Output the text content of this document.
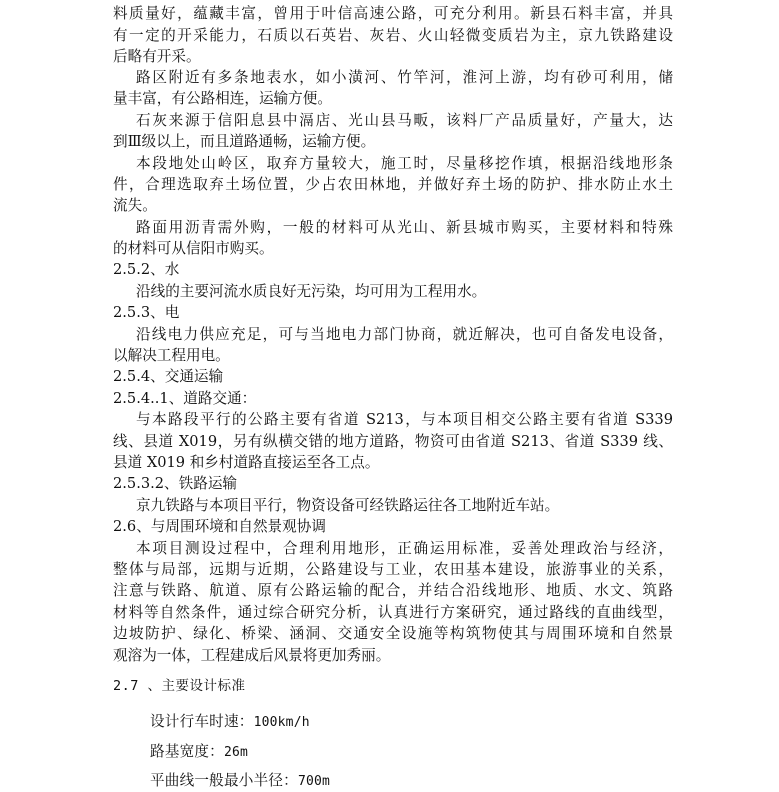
料质量好，蕴藏丰富，曾用于叶信高速公路，可充分利用。新县石料丰富，并具
有一定的开采能力，石质以石英岩、灰岩、火山轻微变质岩为主，京九铁路建设
后略有开采。
路区附近有多条地表水，如小潢河、竹竿河，淮河上游，均有砂可利用，储
量丰富，有公路相连，运输方便。
石灰来源于信阳息县中滆店、光山县马畈，该料厂产品质量好，产量大，达
到Ⅲ级以上，而且道路通畅，运输方便。
本段地处山岭区，取弃方量较大，施工时，尽量移挖作填，根据沿线地形条
件，合理选取弃土场位置，少占农田林地，并做好弃土场的防护、排水防止水土
流失。
路面用沥青需外购，一般的材料可从光山、新县城市购买，主要材料和特殊
的材料可从信阳市购买。
2.5.2、水
沿线的主要河流水质良好无污染，均可用为工程用水。
2.5.3、电
沿线电力供应充足，可与当地电力部门协商，就近解决，也可自备发电设备，
以解决工程用电。
2.5.4、交通运输
2.5.4..1、道路交通：
与本路段平行的公路主要有省道 S213，与本项目相交公路主要有省道 S339
线、县道 X019，另有纵横交错的地方道路，物资可由省道 S213、省道 S339 线、
县道 X019 和乡村道路直接运至各工点。
2.5.3.2、铁路运输
京九铁路与本项目平行，物资设备可经铁路运往各工地附近车站。
2.6、与周围环境和自然景观协调
本项目测设过程中，合理利用地形，正确运用标准，妥善处理政治与经济，
整体与局部，远期与近期，公路建设与工业，农田基本建设，旅游事业的关系，
注意与铁路、航道、原有公路运输的配合，并结合沿线地形、地质、水文、筑路
材料等自然条件，通过综合研究分析，认真进行方案研究，通过路线的直曲线型，
边坡防护、绿化、桥梁、涵洞、交通安全设施等构筑物使其与周围环境和自然景
观溶为一体，工程建成后风景将更加秀丽。
2.7 、主要设计标准
设计行车时速：100km/h
路基宽度：26m
平曲线一般最小半径：700m
